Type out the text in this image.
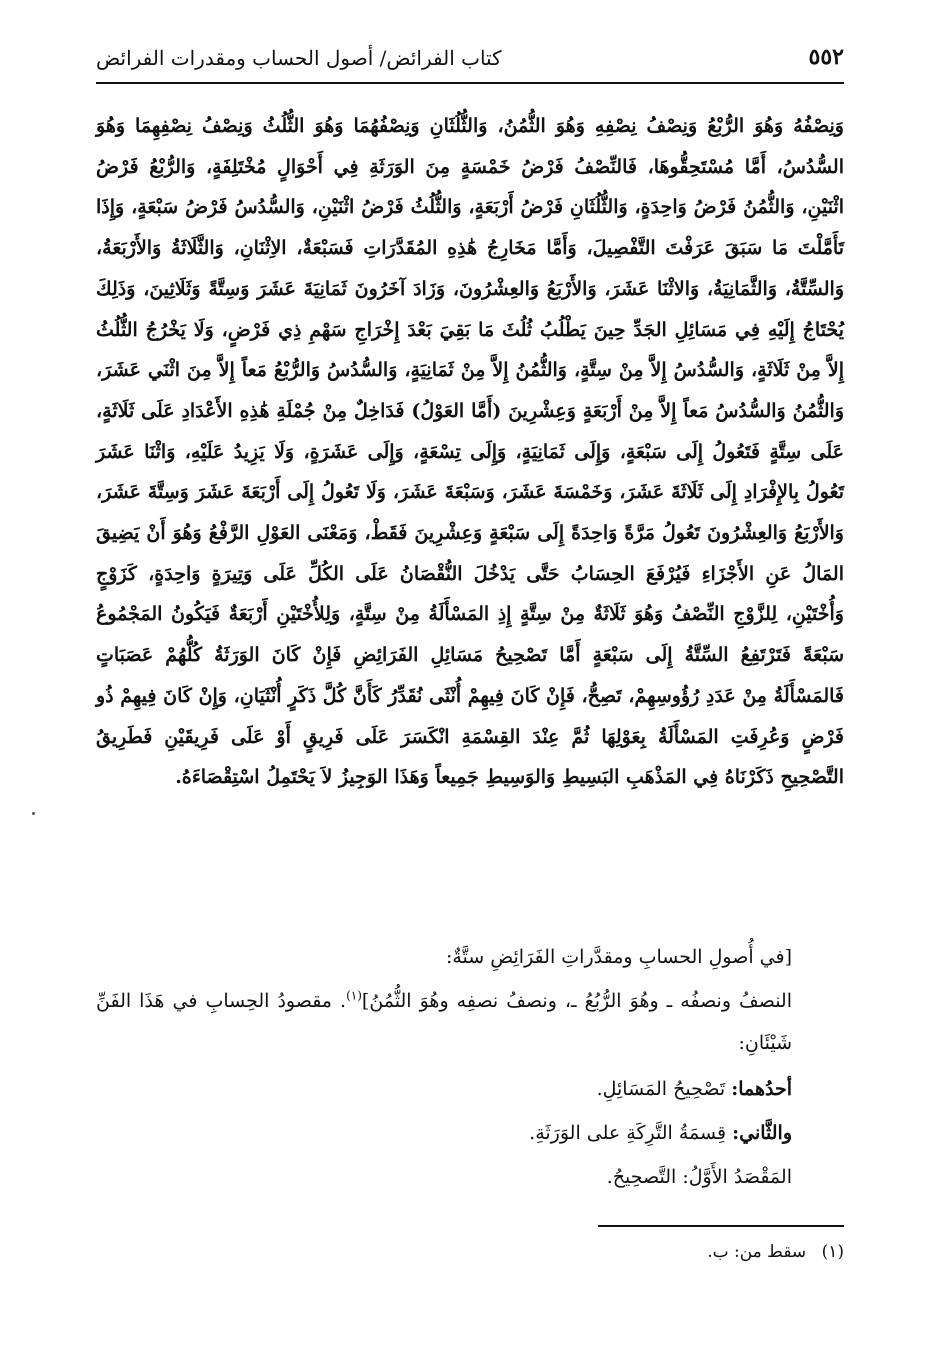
٥٥٢
كتاب الفرائض/ أصول الحساب ومقدرات الفرائض

وَنِصْفُهُ وَهُوَ الرُّبْعُ وَنِصْفُ نِصْفِهِ وَهُوَ الثُّمُنُ، وَالثُّلُثَانِ وَنِصْفُهُمَا وَهُوَ الثُّلُثُ وَنِصْفُ نِصْفِهِمَا وَهُوَ السُّدُسُ، أَمَّا مُسْتَحِقُّوهَا، فَالنِّصْفُ فَرْضُ خَمْسَةٍ مِنَ الوَرَثَةِ فِي أَحْوَالٍ مُخْتَلِفَةٍ، وَالرُّبْعُ فَرْضُ اثْنَيْنِ، وَالثُّمُنُ فَرْضُ وَاحِدَةٍ، وَالثُّلُثَانِ فَرْضُ أَرْبَعَةٍ، وَالثُّلُثُ فَرْضُ اثْنَيْنِ، وَالسُّدُسُ فَرْضُ سَبْعَةٍ، وَإِذَا تَأَمَّلْتَ مَا سَبَقَ عَرَفْتَ التَّفْصِيلَ، وَأَمَّا مَخَارِجُ هَٰذِهِ المُقَدَّرَاتِ فَسَبْعَةٌ، الاِثْنَانِ، وَالثَّلَاثَةُ وَالأَرْبَعَةُ، وَالسِّتَّةُ، وَالثَّمَانِيَةُ، وَالاثْنَا عَشَرَ، وَالأَرْبَعُ وَالعِشْرُونَ، وَزَادَ آخَرُونَ ثَمَانِيَةَ عَشَرَ وَسِتَّةً وَثَلَاثِينَ، وَذَلِكَ يُحْتَاجُ إِلَيْهِ فِي مَسَائِلِ الجَدِّ حِينَ يَطْلُبُ ثُلُثَ مَا بَقِيَ بَعْدَ إِخْرَاجِ سَهْمِ ذِي فَرْضٍ، وَلَا يَخْرُجُ الثُّلُثُ إِلاَّ مِنْ ثَلَاثَةٍ، وَالسُّدُسُ إِلاَّ مِنْ سِتَّةٍ، وَالثُّمُنُ إِلاَّ مِنْ ثَمَانِيَةٍ، وَالسُّدُسُ وَالرُّبْعُ مَعاً إِلاَّ مِنَ اثْنَي عَشَرَ، وَالثُّمُنُ وَالسُّدُسُ مَعاً إِلاَّ مِنْ أَرْبَعَةٍ وَعِشْرِينَ (أَمَّا العَوْلُ) فَدَاخِلٌ مِنْ جُمْلَةِ هَٰذِهِ الأَعْدَادِ عَلَى ثَلَاثَةٍ، عَلَى سِتَّةٍ فَتَعُولُ إِلَى سَبْعَةٍ، وَإِلَى ثَمَانِيَةٍ، وَإِلَى تِسْعَةٍ، وَإِلَى عَشَرَةٍ، وَلَا يَزِيدُ عَلَيْهِ، وَاثْنَا عَشَرَ تَعُولُ بِالإِفْرَادِ إِلَى ثَلَاثَةَ عَشَرَ، وَخَمْسَةَ عَشَرَ، وَسَبْعَةَ عَشَرَ، وَلَا تَعُولُ إِلَى أَرْبَعَةَ عَشَرَ وَسِتَّةَ عَشَرَ، وَالأَرْبَعُ وَالعِشْرُونَ تَعُولُ مَرَّةً وَاحِدَةً إِلَى سَبْعَةٍ وَعِشْرِينَ فَقَطْ، وَمَعْنَى العَوْلِ الرَّفْعُ وَهُوَ أَنْ يَضِيقَ المَالُ عَنِ الأَجْزَاءِ فَيُرْفَعَ الحِسَابُ حَتَّى يَدْخُلَ النُّقْصَانُ عَلَى الكُلِّ عَلَى وَتِيرَةٍ وَاحِدَةٍ، كَزَوْجٍ وَأُخْتَيْنِ، لِلزَّوْجِ النِّصْفُ وَهُوَ ثَلَاثَةٌ مِنْ سِتَّةٍ إِذِ المَسْأَلَةُ مِنْ سِتَّةٍ، وَلِلأُخْتَيْنِ أَرْبَعَةٌ فَيَكُونُ المَجْمُوعُ سَبْعَةً فَتَرْتَفِعُ السِّتَّةُ إِلَى سَبْعَةٍ أَمَّا تَصْحِيحُ مَسَائِلِ الفَرَائِضِ فَإِنْ كَانَ الوَرَثَةُ كُلُّهُمْ عَصَبَاتٍ فَالمَسْأَلَةُ مِنْ عَدَدِ رُؤُوسِهِمْ، تَصِحُّ، فَإِنْ كَانَ فِيهِمْ أُنْثَى نُقَدِّرُ كَأَنَّ كُلَّ ذَكَرٍ أُنْثَيَانِ، وَإِنْ كَانَ فِيهِمْ ذُو فَرْضٍ وَعُرِفَتِ المَسْأَلَةُ بِعَوْلِهَا ثُمَّ عِنْدَ القِسْمَةِ انْكَسَرَ عَلَى فَرِيقٍ أَوْ عَلَى فَرِيقَيْنِ فَطَرِيقُ التَّصْحِيحِ ذَكَرْنَاهُ فِي المَذْهَبِ البَسِيطِ وَالوَسِيطِ جَمِيعاً وَهَذَا الوَجِيزُ لاَ يَحْتَمِلُ اسْتِقْصَاءَهُ.

[في أُصولِ الحسابِ ومقدَّراتِ الفَرَائِضِ ستَّةٌ:

النصفُ ونصفُه ـ وهُوَ الرُّبُعُ ـ، ونصفُ نصفِه وهُوَ الثُّمُنُ]$^{(١)}$. مقصودُ الحِسابِ في هَذَا الفَنِّ شَيْئَانِ:

أحدُهما: تَصْحِيحُ المَسَائِلِ.

والثَّاني: قِسمَةُ التَّرِكَةِ على الوَرَثَةِ.

المَقْصَدُ الأَوَّلُ: التَّصحِيحُ.

(١) سقط من: ب.
